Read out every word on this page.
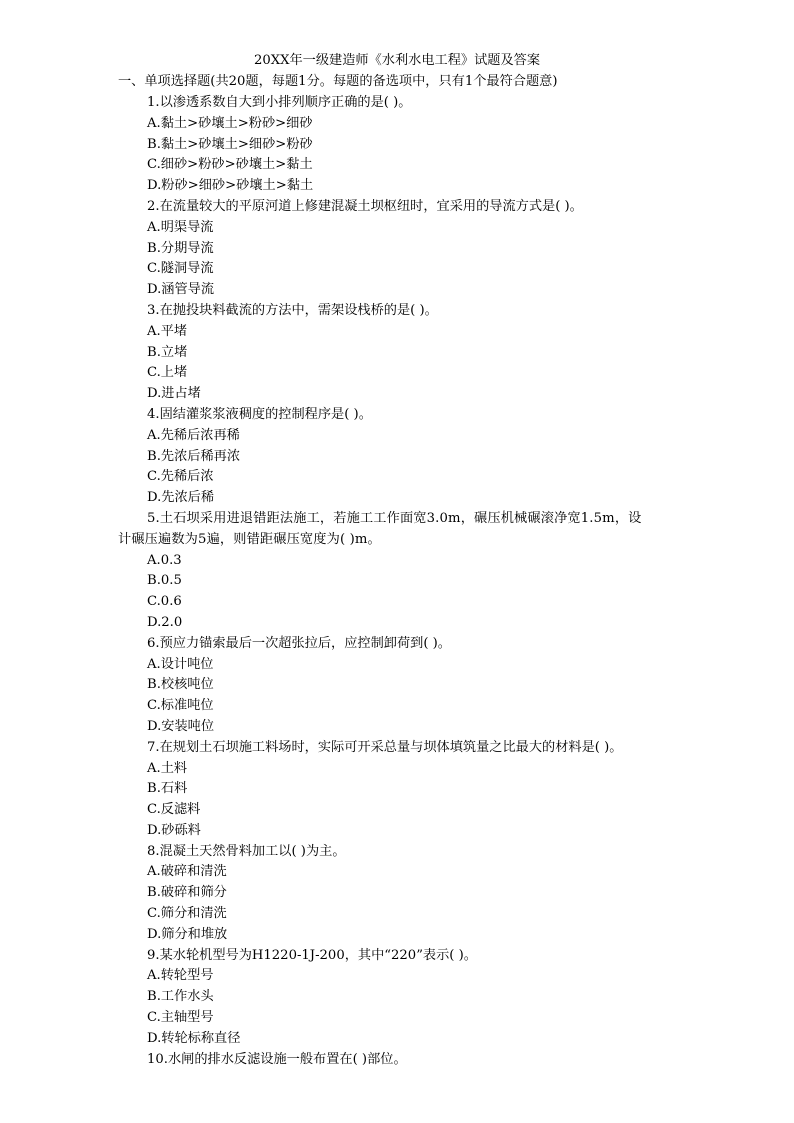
20XX年一级建造师《水利水电工程》试题及答案
一、单项选择题(共20题，每题1分。每题的备选项中，只有1个最符合题意)
1.以渗透系数自大到小排列顺序正确的是( )。
A.黏土>砂壤土>粉砂>细砂
B.黏土>砂壤土>细砂>粉砂
C.细砂>粉砂>砂壤土>黏土
D.粉砂>细砂>砂壤土>黏土
2.在流量较大的平原河道上修建混凝土坝枢纽时，宜采用的导流方式是( )。
A.明渠导流
B.分期导流
C.隧洞导流
D.涵管导流
3.在抛投块料截流的方法中，需架设栈桥的是( )。
A.平堵
B.立堵
C.上堵
D.进占堵
4.固结灌浆浆液稠度的控制程序是( )。
A.先稀后浓再稀
B.先浓后稀再浓
C.先稀后浓
D.先浓后稀
5.土石坝采用进退错距法施工，若施工工作面宽3.0m，碾压机械碾滚净宽1.5m，设计碾压遍数为5遍，则错距碾压宽度为( )m。
A.0.3
B.0.5
C.0.6
D.2.0
6.预应力锚索最后一次超张拉后，应控制卸荷到( )。
A.设计吨位
B.校核吨位
C.标准吨位
D.安装吨位
7.在规划土石坝施工料场时，实际可开采总量与坝体填筑量之比最大的材料是( )。
A.土料
B.石料
C.反滤料
D.砂砾料
8.混凝土天然骨料加工以( )为主。
A.破碎和清洗
B.破碎和筛分
C.筛分和清洗
D.筛分和堆放
9.某水轮机型号为H1220-1J-200，其中“220”表示( )。
A.转轮型号
B.工作水头
C.主轴型号
D.转轮标称直径
10.水闸的排水反滤设施一般布置在( )部位。
